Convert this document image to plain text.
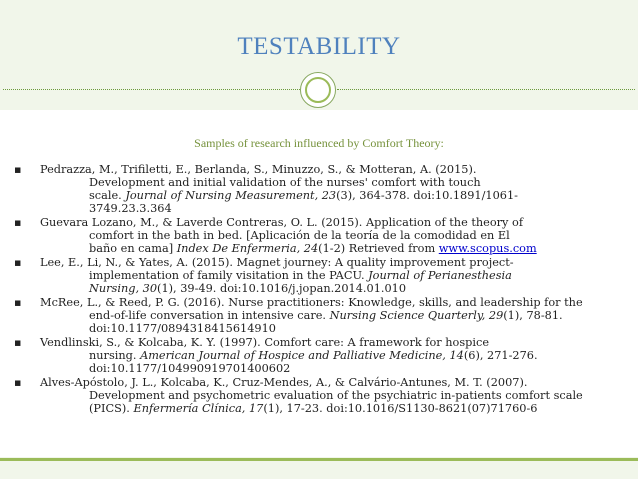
TESTABILITY
Samples of research influenced by Comfort Theory:
▪ Pedrazza, M., Trifiletti, E., Berlanda, S., Minuzzo, S., & Motteran, A. (2015).
Development and initial validation of the nurses' comfort with touch
scale. Journal of Nursing Measurement, 23(3), 364-378. doi:10.1891/1061-
3749.23.3.364
▪ Guevara Lozano, M., & Laverde Contreras, O. L. (2015). Application of the theory of
comfort in the bath in bed. [Aplicación de la teoría de la comodidad en El
baño en cama] Index De Enfermeria, 24(1-2) Retrieved from www.scopus.com
▪ Lee, E., Li, N., & Yates, A. (2015). Magnet journey: A quality improvement project-
implementation of family visitation in the PACU. Journal of Perianesthesia
Nursing, 30(1), 39-49. doi:10.1016/j.jopan.2014.01.010
▪ McRee, L., & Reed, P. G. (2016). Nurse practitioners: Knowledge, skills, and leadership for the
end-of-life conversation in intensive care. Nursing Science Quarterly, 29(1), 78-81.
doi:10.1177/0894318415614910
▪ Vendlinski, S., & Kolcaba, K. Y. (1997). Comfort care: A framework for hospice
nursing. American Journal of Hospice and Palliative Medicine, 14(6), 271-276.
doi:10.1177/104990919701400602
▪ Alves-Apóstolo, J. L., Kolcaba, K., Cruz-Mendes, A., & Calvário-Antunes, M. T. (2007).
Development and psychometric evaluation of the psychiatric in-patients comfort scale
(PICS). Enfermería Clínica, 17(1), 17-23. doi:10.1016/S1130-8621(07)71760-6
